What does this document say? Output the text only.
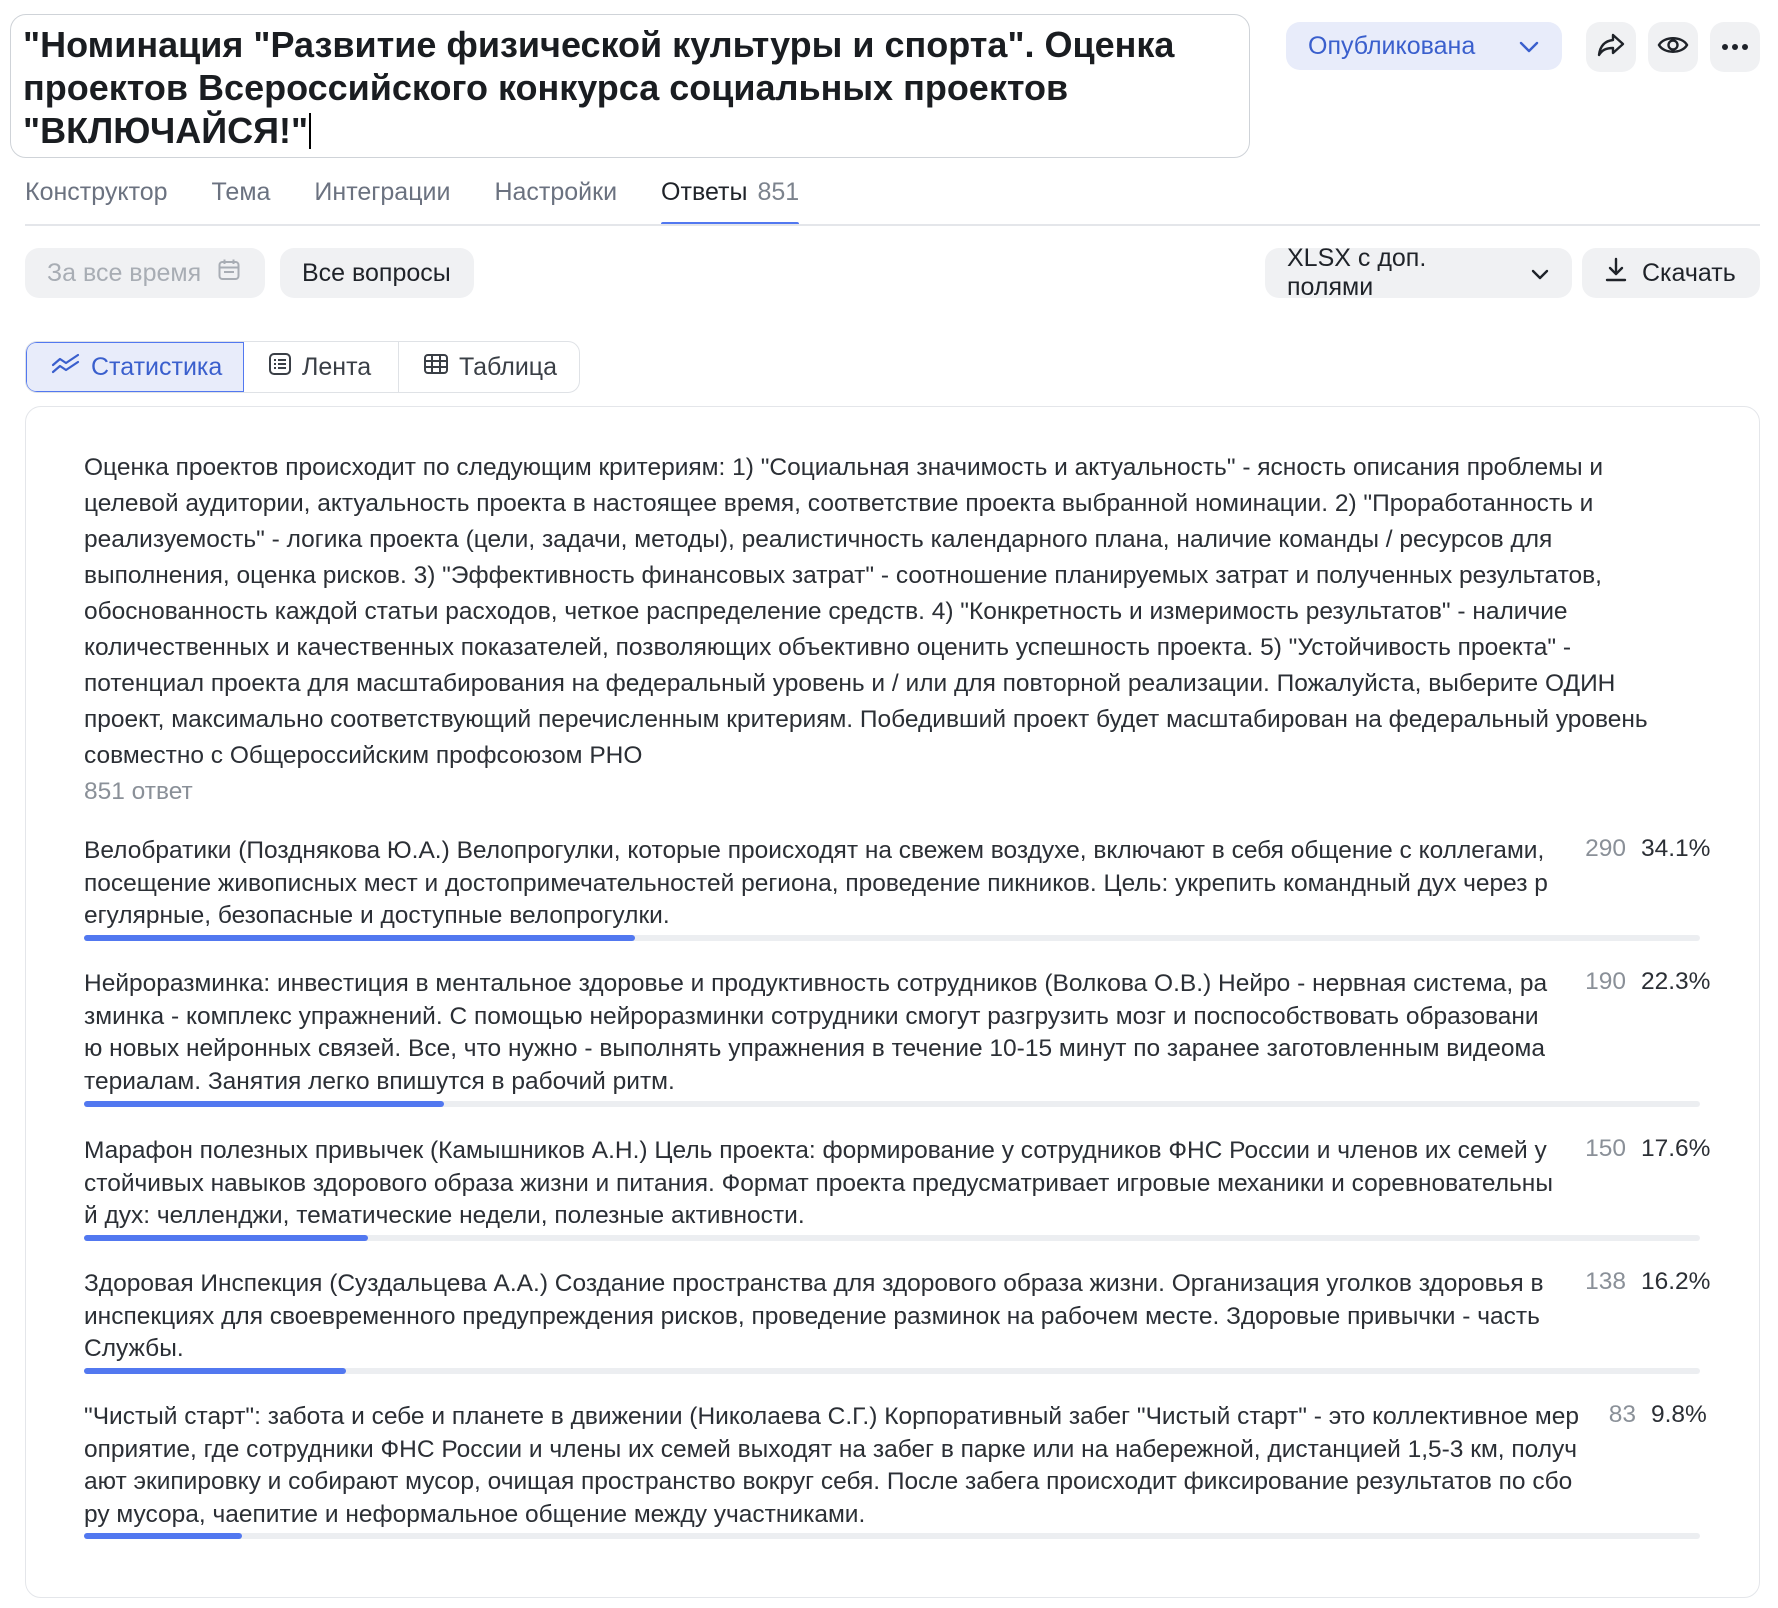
"Номинация "Развитие физической культуры и спорта". Оценка проектов Всероссийского конкурса социальных проектов "ВКЛЮЧАЙСЯ!"
Опубликована
Конструктор Тема Интеграции Настройки Ответы 851
За все время	Все вопросы
XLSX с доп. полями
Скачать
Статистика	Лента	Таблица
Оценка проектов происходит по следующим критериям: 1) "Социальная значимость и актуальность" - ясность описания проблемы и целевой аудитории, актуальность проекта в настоящее время, соответствие проекта выбранной номинации. 2) "Проработанность и реализуемость" - логика проекта (цели, задачи, методы), реалистичность календарного плана, наличие команды / ресурсов для выполнения, оценка рисков. 3) "Эффективность финансовых затрат" - соотношение планируемых затрат и полученных результатов, обоснованность каждой статьи расходов, четкое распределение средств. 4) "Конкретность и измеримость результатов" - наличие количественных и качественных показателей, позволяющих объективно оценить успешность проекта. 5) "Устойчивость проекта" - потенциал проекта для масштабирования на федеральный уровень и / или для повторной реализации. Пожалуйста, выберите ОДИН проект, максимально соответствующий перечисленным критериям. Победивший проект будет масштабирован на федеральный уровень совместно с Общероссийским профсоюзом РНО
851 ответ
Велобратики (Позднякова Ю.А.) Велопрогулки, которые происходят на свежем воздухе, включают в себя общение с коллегами, посещение живописных мест и достопримечательностей региона, проведение пикников. Цель: укрепить командный дух через регулярные, безопасные и доступные велопрогулки.
290 34.1%
Нейроразминка: инвестиция в ментальное здоровье и продуктивность сотрудников (Волкова О.В.) Нейро - нервная система, разминка - комплекс упражнений. С помощью нейроразминки сотрудники смогут разгрузить мозг и поспособствовать образованию новых нейронных связей. Все, что нужно - выполнять упражнения в течение 10-15 минут по заранее заготовленным видеоматериалам. Занятия легко впишутся в рабочий ритм.
190 22.3%
Марафон полезных привычек (Камышников А.Н.) Цель проекта: формирование у сотрудников ФНС России и членов их семей устойчивых навыков здорового образа жизни и питания. Формат проекта предусматривает игровые механики и соревновательный дух: челленджи, тематические недели, полезные активности.
150 17.6%
Здоровая Инспекция (Суздальцева А.А.) Создание пространства для здорового образа жизни. Организация уголков здоровья в инспекциях для своевременного предупреждения рисков, проведение разминок на рабочем месте. Здоровые привычки - часть Службы.
138 16.2%
"Чистый старт": забота и себе и планете в движении (Николаева С.Г.) Корпоративный забег "Чистый старт" - это коллективное мероприятие, где сотрудники ФНС России и члены их семей выходят на забег в парке или на набережной, дистанцией 1,5-3 км, получают экипировку и собирают мусор, очищая пространство вокруг себя. После забега происходит фиксирование результатов по сбору мусора, чаепитие и неформальное общение между участниками.
83 9.8%
